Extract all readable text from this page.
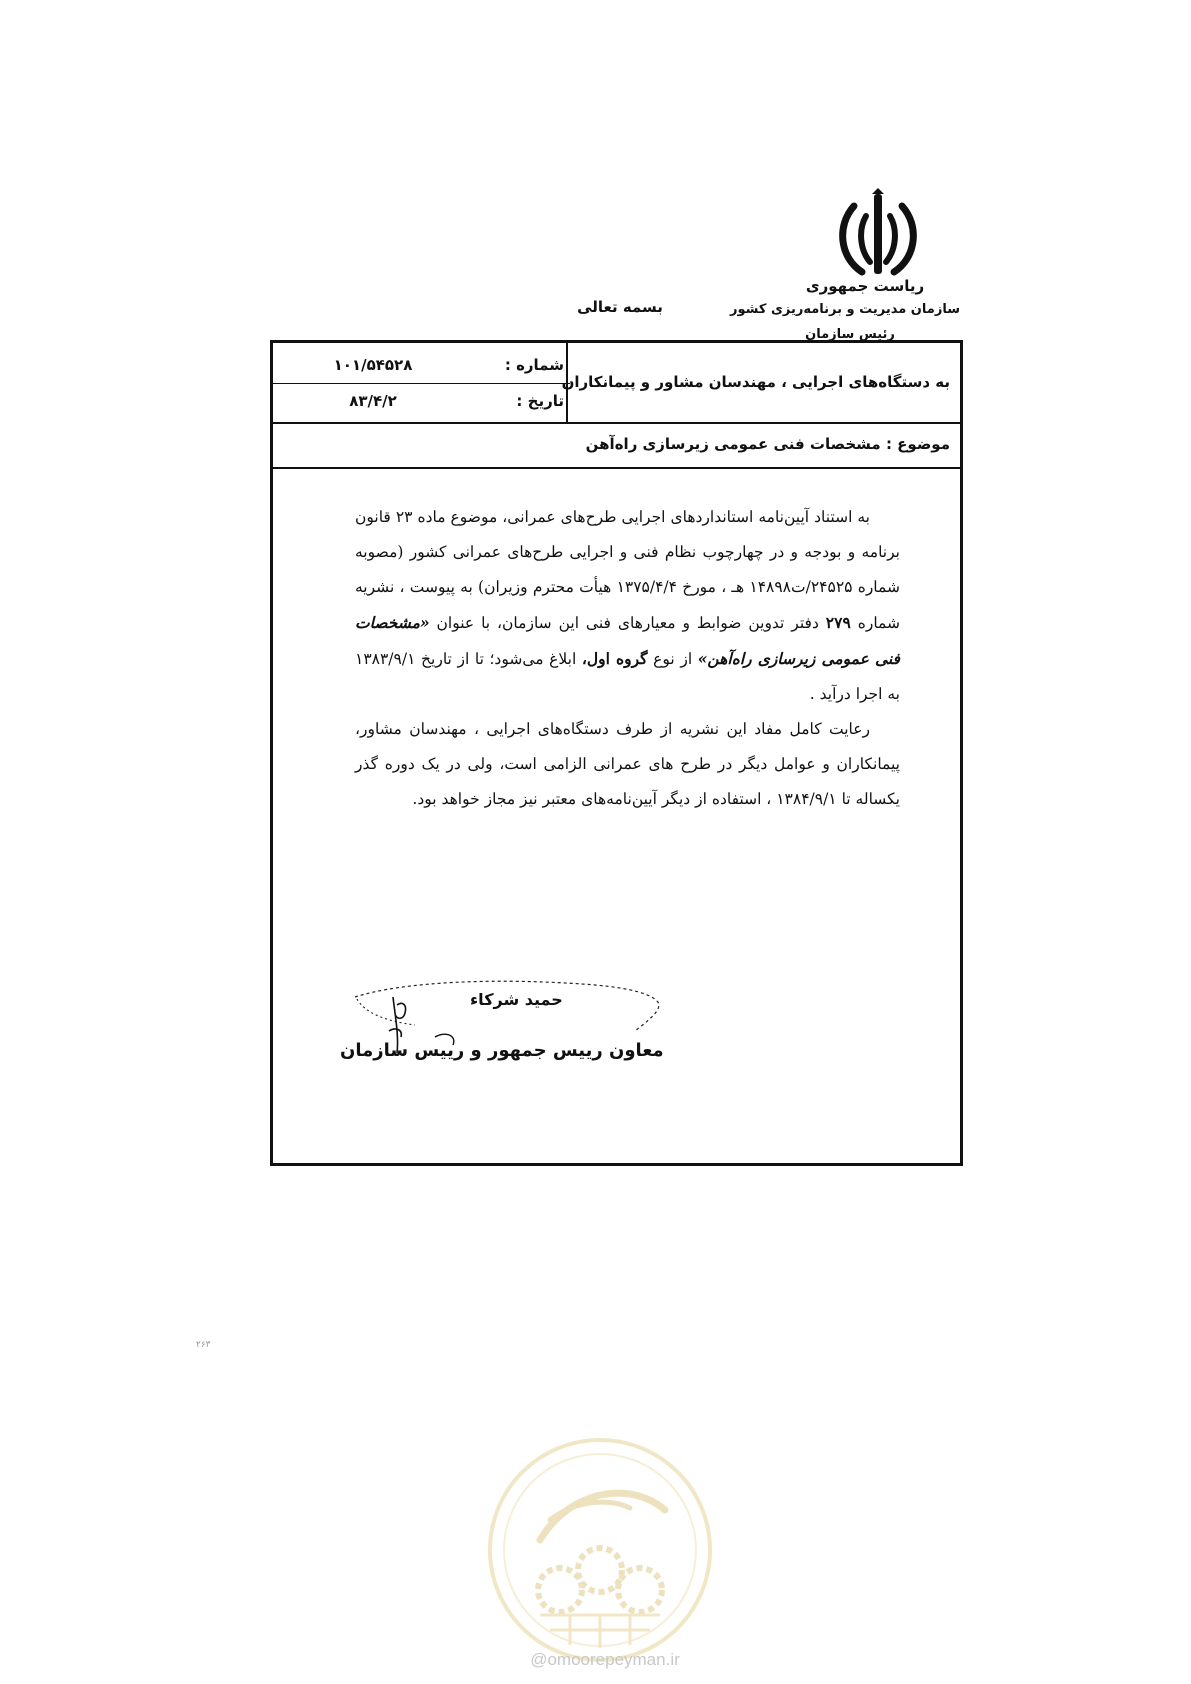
ریاست جمهوری
سازمان مدیریت و برنامه‌ریزی کشور
رئیس سازمان
بسمه تعالی
به دستگاه‌های اجرایی ، مهندسان مشاور و پیمانکاران
شماره :
۱۰۱/۵۴۵۲۸
تاریخ :
۸۳/۴/۲
موضوع : مشخصات فنی عمومی زیرسازی راه‌آهن

به استناد آیین‌نامه استانداردهای اجرایی طرح‌های عمرانی، موضوع ماده ۲۳ قانون برنامه و بودجه و در چهارچوب نظام فنی و اجرایی طرح‌های عمرانی کشور (مصوبه شماره ۲۴۵۲۵/ت۱۴۸۹۸ هـ ، مورخ ۱۳۷۵/۴/۴ هیأت محترم وزیران) به پیوست ، نشریه شماره ۲۷۹ دفتر تدوین ضوابط و معیارهای فنی این سازمان، با عنوان «مشخصات فنی عمومی زیرسازی راه‌آهن» از نوع گروه اول، ابلاغ می‌شود؛ تا از تاریخ ۱۳۸۳/۹/۱ به اجرا درآید .

رعایت کامل مفاد این نشریه از طرف دستگاه‌های اجرایی ، مهندسان مشاور، پیمانکاران و عوامل دیگر در طرح های عمرانی الزامی است، ولی در یک دوره گذر یکساله تا ۱۳۸۴/۹/۱ ، استفاده از دیگر آیین‌نامه‌های معتبر نیز مجاز خواهد بود.

حمید شرکاء
معاون رییس جمهور و رییس سازمان
۲۶۳
@omoorepeyman.ir
